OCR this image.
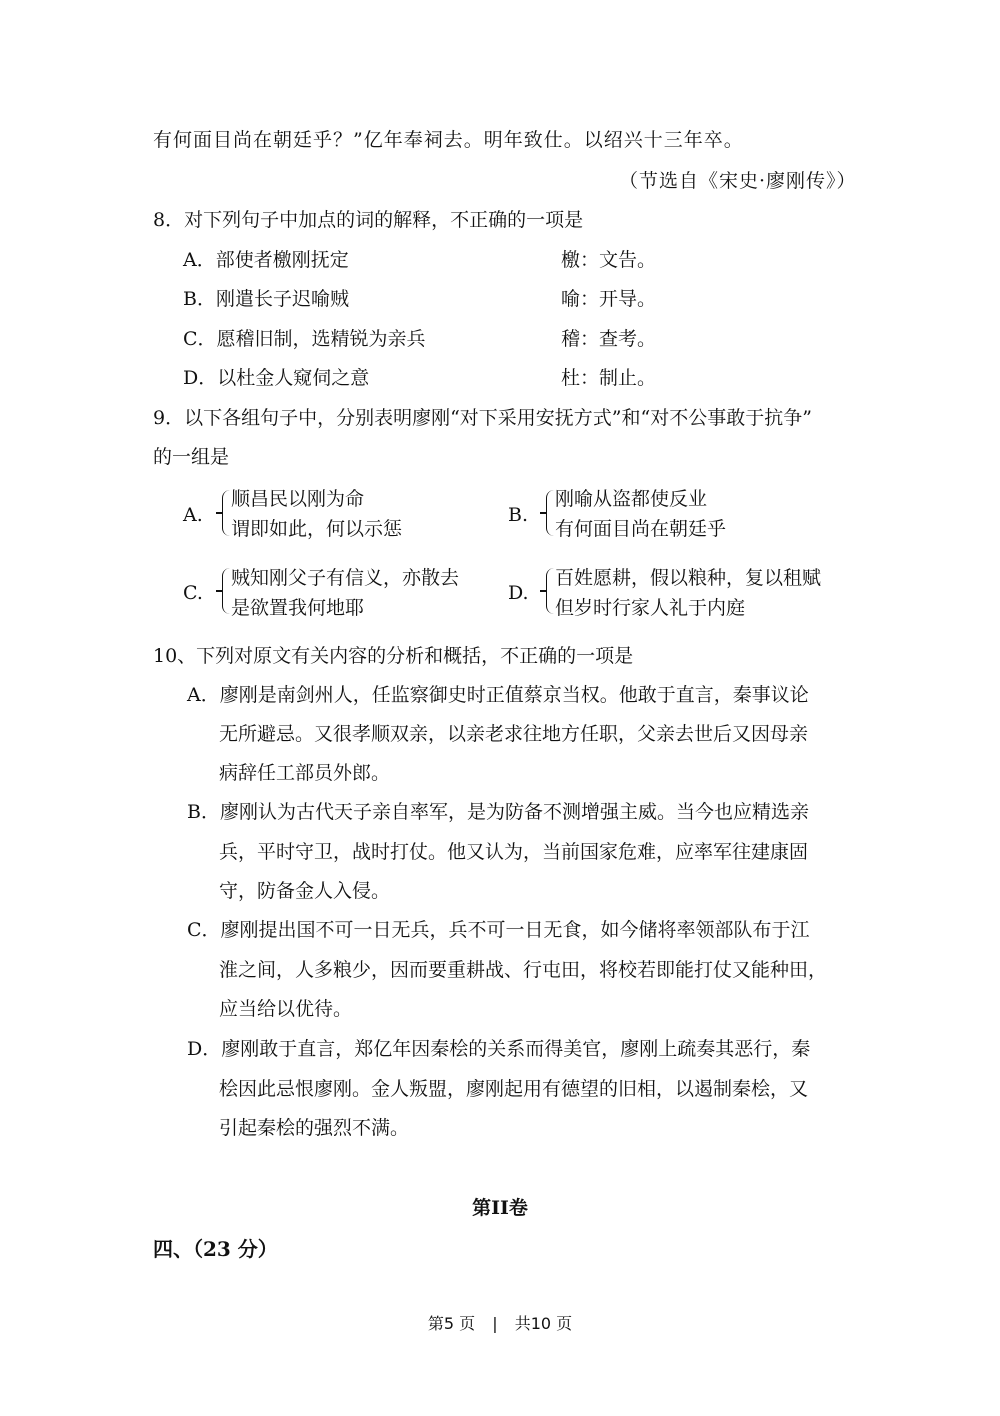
有何面目尚在朝廷乎？”亿年奉祠去。明年致仕。以绍兴十三年卒。
（节选自《宋史·廖刚传》）
8．对下列句子中加点的词的解释，不正确的一项是
A．部使者檄刚抚定	檄：文告。
B．刚遣长子迟喻贼	喻：开导。
C．愿稽旧制，选精锐为亲兵	稽：查考。
D．以杜金人窥伺之意	杜：制止。
9．以下各组句子中，分别表明廖刚“对下采用安抚方式”和“对不公事敢于抗争”
的一组是
A.
顺昌民以刚为命
谓即如此，何以示惩
B.
刚喻从盗都使反业
有何面目尚在朝廷乎
C.
贼知刚父子有信义，亦散去
是欲置我何地耶
D.
百姓愿耕，假以粮种，复以租赋
但岁时行家人礼于内庭
10、下列对原文有关内容的分析和概括，不正确的一项是
A．廖刚是南剑州人，任监察御史时正值蔡京当权。他敢于直言，秦事议论
无所避忌。又很孝顺双亲，以亲老求往地方任职，父亲去世后又因母亲
病辞任工部员外郎。
B．廖刚认为古代天子亲自率军，是为防备不测增强主威。当今也应精选亲
兵，平时守卫，战时打仗。他又认为，当前国家危难，应率军往建康固
守，防备金人入侵。
C．廖刚提出国不可一日无兵，兵不可一日无食，如今储将率领部队布于江
淮之间，人多粮少，因而要重耕战、行屯田，将校若即能打仗又能种田，
应当给以优待。
D．廖刚敢于直言，郑亿年因秦桧的关系而得美官，廖刚上疏奏其恶行，秦
桧因此忌恨廖刚。金人叛盟，廖刚起用有德望的旧相，以遏制秦桧，又
引起秦桧的强烈不满。
第II卷
四、（23 分）
第5 页 | 共10 页
